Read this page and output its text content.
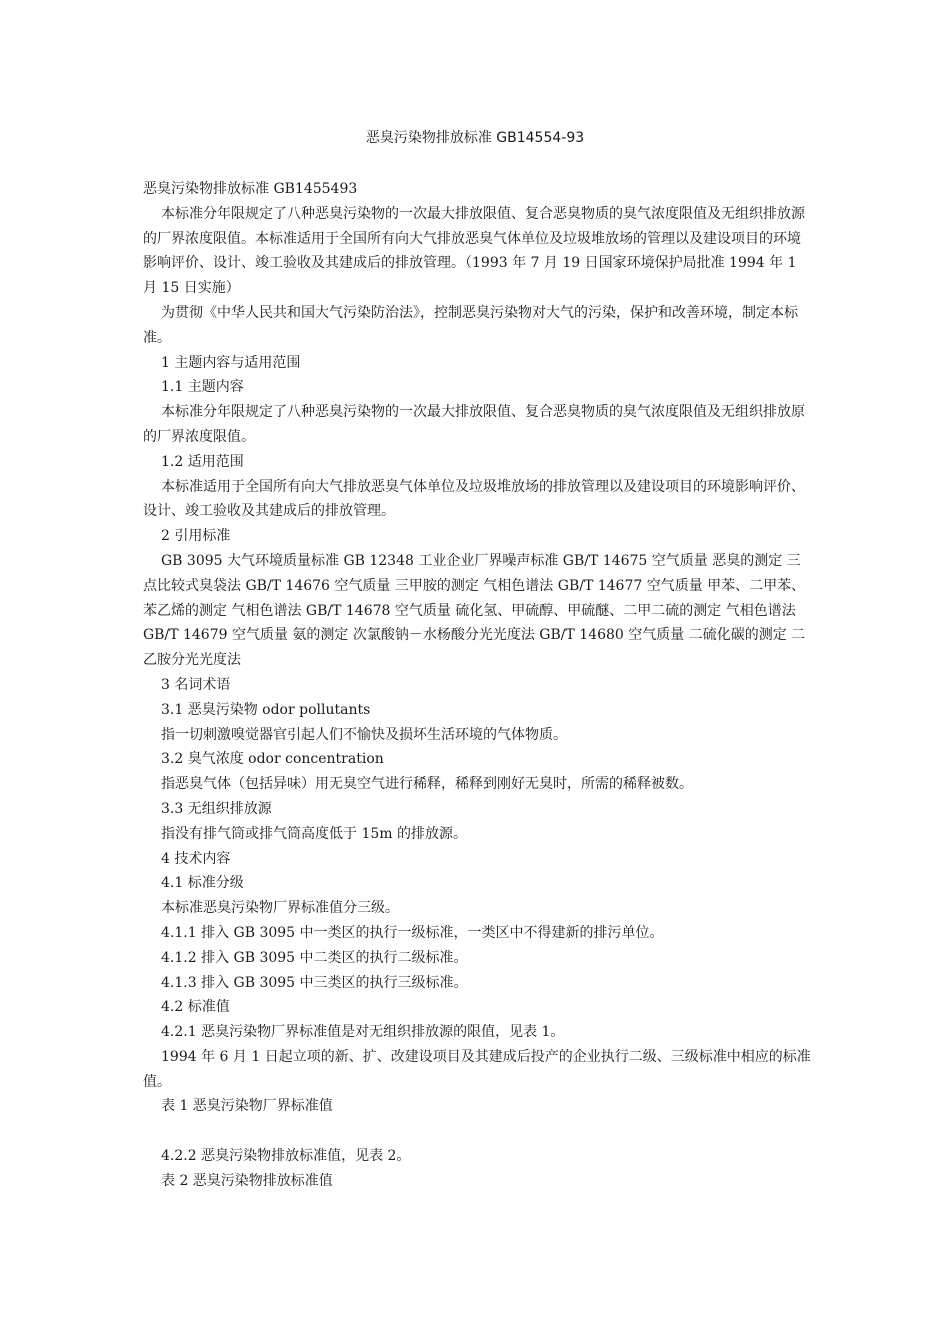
恶臭污染物排放标准 GB14554-93

恶臭污染物排放标准 GB1455493

本标准分年限规定了八种恶臭污染物的一次最大排放限值、复合恶臭物质的臭气浓度限值及无组织排放源的厂界浓度限值。本标准适用于全国所有向大气排放恶臭气体单位及垃圾堆放场的管理以及建设项目的环境影响评价、设计、竣工验收及其建成后的排放管理。（1993 年 7 月 19 日国家环境保护局批准 1994 年 1 月 15 日实施）

为贯彻《中华人民共和国大气污染防治法》，控制恶臭污染物对大气的污染，保护和改善环境，制定本标准。

1 主题内容与适用范围

1.1 主题内容

本标准分年限规定了八种恶臭污染物的一次最大排放限值、复合恶臭物质的臭气浓度限值及无组织排放原的厂界浓度限值。

1.2 适用范围

本标准适用于全国所有向大气排放恶臭气体单位及垃圾堆放场的排放管理以及建设项目的环境影响评价、设计、竣工验收及其建成后的排放管理。

2 引用标准

GB 3095 大气环境质量标准 GB 12348 工业企业厂界噪声标准 GB/T 14675 空气质量 恶臭的测定 三点比较式臭袋法 GB/T 14676 空气质量 三甲胺的测定 气相色谱法 GB/T 14677 空气质量 甲苯、二甲苯、苯乙烯的测定 气相色谱法 GB/T 14678 空气质量 硫化氢、甲硫醇、甲硫醚、二甲二硫的测定 气相色谱法 GB/T 14679 空气质量 氨的测定 次氯酸钠－水杨酸分光光度法 GB/T 14680 空气质量 二硫化碳的测定 二乙胺分光光度法

3 名词术语

3.1 恶臭污染物 odor pollutants

指一切刺激嗅觉器官引起人们不愉快及损坏生活环境的气体物质。

3.2 臭气浓度 odor concentration

指恶臭气体（包括异味）用无臭空气进行稀释，稀释到刚好无臭时，所需的稀释被数。

3.3 无组织排放源

指没有排气筒或排气筒高度低于 15m 的排放源。

4 技术内容

4.1 标准分级

本标准恶臭污染物厂界标准值分三级。

4.1.1 排入 GB 3095 中一类区的执行一级标准，一类区中不得建新的排污单位。

4.1.2 排入 GB 3095 中二类区的执行二级标准。

4.1.3 排入 GB 3095 中三类区的执行三级标准。

4.2 标准值

4.2.1 恶臭污染物厂界标准值是对无组织排放源的限值，见表 1。

1994 年 6 月 1 日起立项的新、扩、改建设项目及其建成后投产的企业执行二级、三级标准中相应的标准值。

表 1 恶臭污染物厂界标准值

4.2.2 恶臭污染物排放标准值，见表 2。

表 2 恶臭污染物排放标准值
